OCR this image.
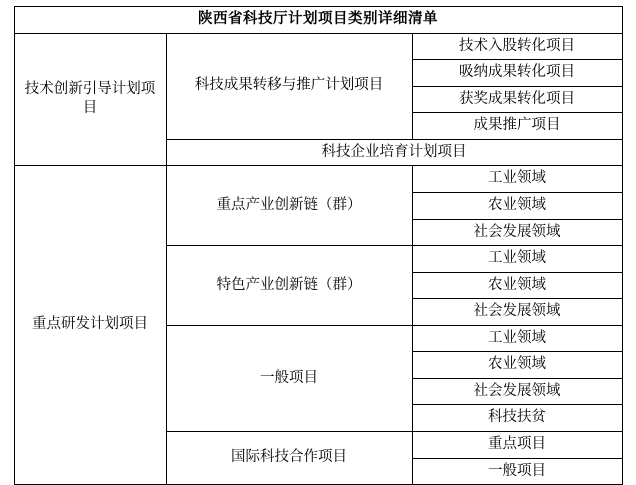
陕西省科技厅计划项目类别详细清单		
技术创新引导计划项目	科技成果转移与推广计划项目	技术入股转化项目
		吸纳成果转化项目
		获奖成果转化项目
		成果推广项目
	科技企业培育计划项目	
重点研发计划项目	重点产业创新链（群）	工业领域
		农业领域
		社会发展领域
	特色产业创新链（群）	工业领域
		农业领域
		社会发展领域
	一般项目	工业领域
		农业领域
		社会发展领域
		科技扶贫
	国际科技合作项目	重点项目
		一般项目
